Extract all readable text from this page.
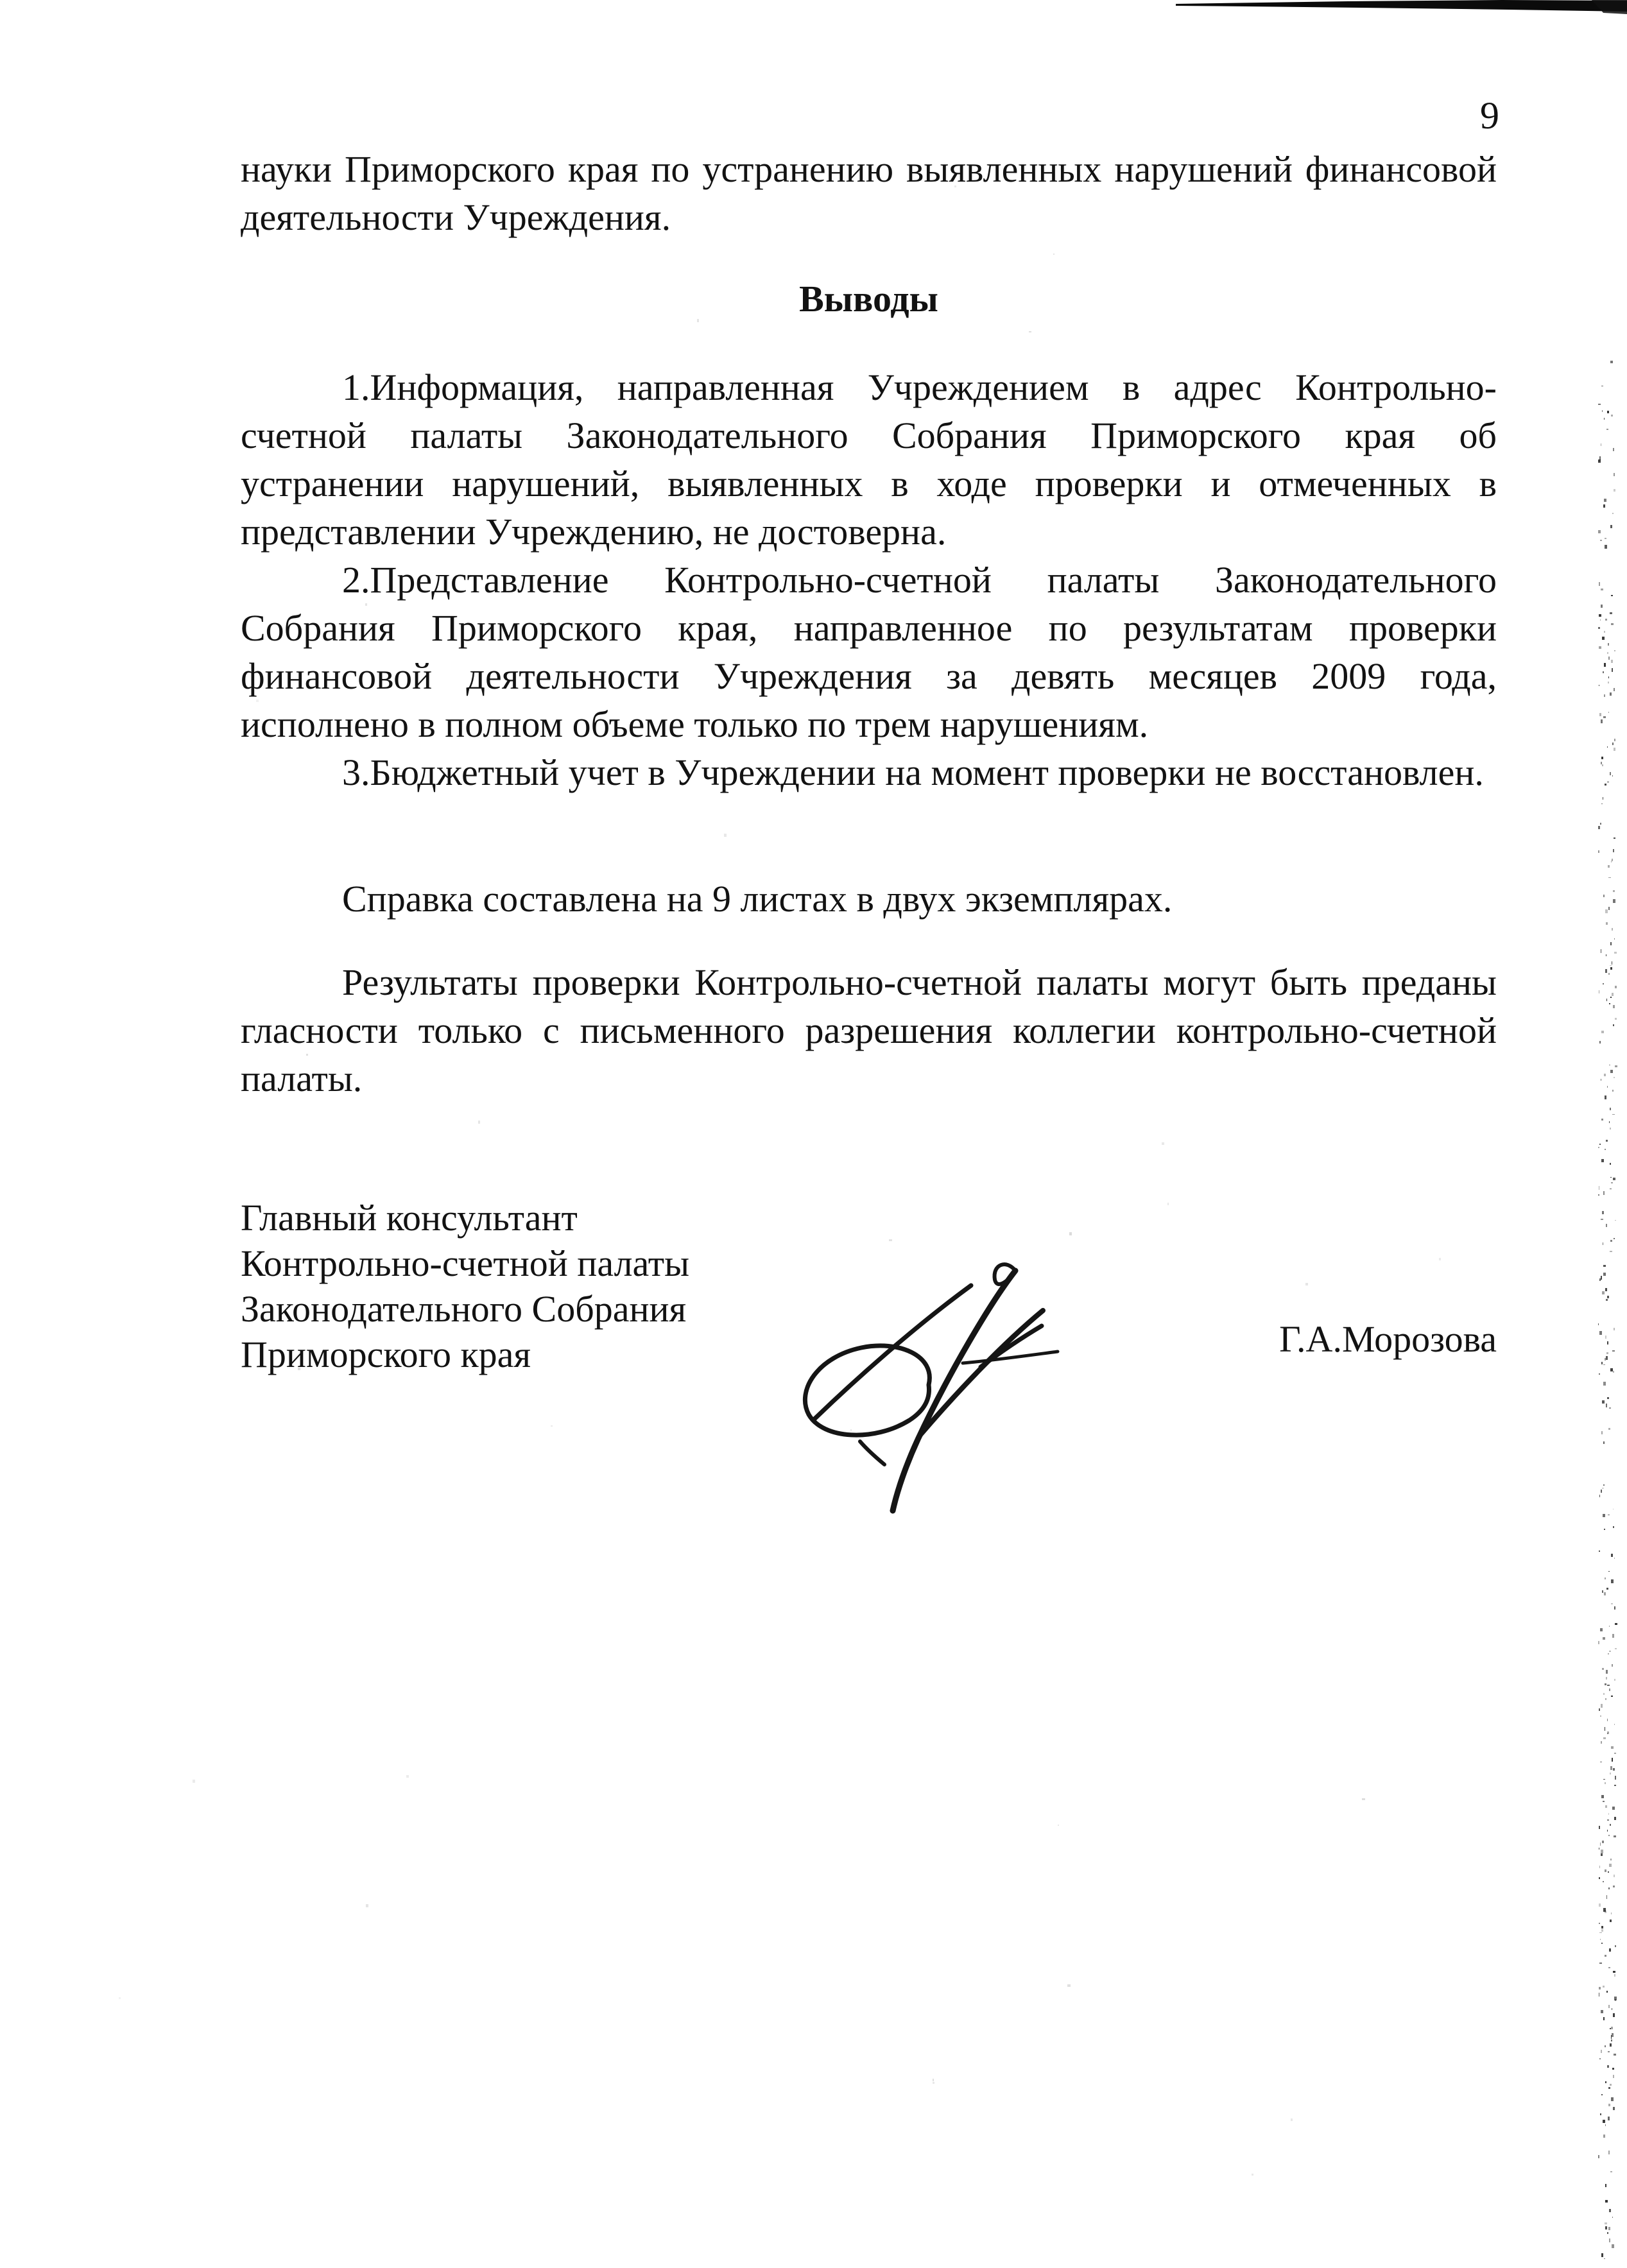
9
науки Приморского края по устранению выявленных нарушений финансовой
деятельности Учреждения.
Выводы
1.Информация, направленная Учреждением в адрес Контрольно-
счетной палаты Законодательного Собрания Приморского края об
устранении нарушений, выявленных в ходе проверки и отмеченных в
представлении Учреждению, не достоверна.
2.Представление Контрольно-счетной палаты Законодательного
Собрания Приморского края, направленное по результатам проверки
финансовой деятельности Учреждения за девять месяцев 2009 года,
исполнено в полном объеме только по трем нарушениям.
3.Бюджетный учет в Учреждении на момент проверки не восстановлен.
Справка составлена на 9 листах в двух экземплярах.
Результаты проверки Контрольно-счетной палаты могут быть преданы
гласности только с письменного разрешения коллегии контрольно-счетной
палаты.
Главный консультант
Контрольно-счетной палаты
Законодательного Собрания
Приморского края	Г.А.Морозова
